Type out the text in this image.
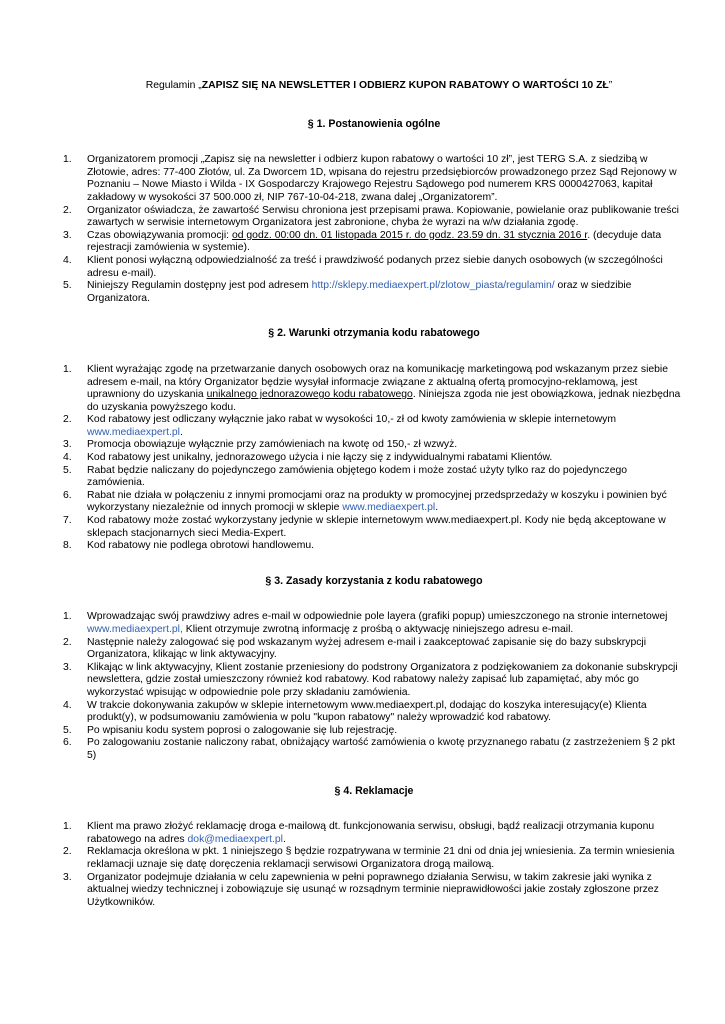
Regulamin „ZAPISZ SIĘ NA NEWSLETTER I ODBIERZ KUPON RABATOWY O WARTOŚCI 10 ZŁ”
§ 1. Postanowienia ogólne
1. Organizatorem promocji „Zapisz się na newsletter i odbierz kupon rabatowy o wartości 10 zł”, jest TERG S.A. z siedzibą w Złotowie, adres: 77-400 Złotów, ul. Za Dworcem 1D, wpisana do rejestru przedsiębiorców prowadzonego przez Sąd Rejonowy w Poznaniu – Nowe Miasto i Wilda - IX Gospodarczy Krajowego Rejestru Sądowego pod numerem KRS 0000427063, kapitał zakładowy w wysokości 37 500.000 zł, NIP 767-10-04-218, zwana dalej „Organizatorem”.
2. Organizator oświadcza, że zawartość Serwisu chroniona jest przepisami prawa. Kopiowanie, powielanie oraz publikowanie treści zawartych w serwisie internetowym Organizatora jest zabronione, chyba że wyrazi na w/w działania zgodę.
3. Czas obowiązywania promocji: od godz. 00:00 dn. 01 listopada 2015 r. do godz. 23.59 dn. 31 stycznia 2016 r. (decydujе data rejestracji zamówienia w systemie).
4. Klient ponosi wyłączną odpowiedzialność za treść i prawdziwość podanych przez siebie danych osobowych (w szczególności adresu e-mail).
5. Niniejszy Regulamin dostępny jest pod adresem http://sklepy.mediaexpert.pl/zlotow_piasta/regulamin/ oraz w siedzibie Organizatora.
§ 2. Warunki otrzymania kodu rabatowego
1. Klient wyrażając zgodę na przetwarzanie danych osobowych oraz na komunikację marketingową pod wskazanym przez siebie adresem e-mail, na który Organizator będzie wysyłał informacje związane z aktualną ofertą promocyjno-reklamową, jest uprawniony do uzyskania unikalnego jednorazowego kodu rabatowego. Niniejsza zgoda nie jest obowiązkowa, jednak niezbędna do uzyskania powyższego kodu.
2. Kod rabatowy jest odliczany wyłącznie jako rabat w wysokości 10,- zł od kwoty zamówienia w sklepie internetowym www.mediaexpert.pl.
3. Promocja obowiązuje wyłącznie przy zamówieniach na kwotę od 150,- zł wzwyż.
4. Kod rabatowy jest unikalny, jednorazowego użycia i nie łączy się z indywidualnymi rabatami Klientów.
5. Rabat będzie naliczany do pojedynczego zamówienia objętego kodem i może zostać użyty tylko raz do pojedynczego zamówienia.
6. Rabat nie działa w połączeniu z innymi promocjami oraz na produkty w promocyjnej przedsprzedaży w koszyku i powinien być wykorzystany niezależnie od innych promocji w sklepie www.mediaexpert.pl.
7. Kod rabatowy może zostać wykorzystany jedynie w sklepie internetowym www.mediaexpert.pl. Kody nie będą akceptowane w sklepach stacjonarnych sieci Media-Expert.
8. Kod rabatowy nie podlega obrotowi handlowemu.
§ 3. Zasady korzystania z kodu rabatowego
1. Wprowadzając swój prawdziwy adres e-mail w odpowiednie pole layera (grafiki popup) umieszczonego na stronie internetowej www.mediaexpert.pl, Klient otrzymuje zwrotną informację z prośbą o aktywację niniejszego adresu e-mail.
2. Następnie należy zalogować się pod wskazanym wyżej adresem e-mail i zaakceptować zapisanie się do bazy subskrypcji Organizatora, klikając w link aktywacyjny.
3. Klikając w link aktywacyjny, Klient zostanie przeniesiony do podstrony Organizatora z podziękowaniem za dokonanie subskrypcji newslettera, gdzie został umieszczony również kod rabatowy. Kod rabatowy należy zapisać lub zapamiętać, aby móc go wykorzystać wpisując w odpowiednie pole przy składaniu zamówienia.
4. W trakcie dokonywania zakupów w sklepie internetowym www.mediaexpert.pl, dodając do koszyka interesujący(e) Klienta produkt(y), w podsumowaniu zamówienia w polu "kupon rabatowy" należy wprowadzić kod rabatowy.
5. Po wpisaniu kodu system poprosi o zalogowanie się lub rejestrację.
6. Po zalogowaniu zostanie naliczony rabat, obniżający wartość zamówienia o kwotę przyznanego rabatu (z zastrzeżeniem § 2 pkt 5)
§ 4. Reklamacje
1. Klient ma prawo złożyć reklamację droga e-mailową dt. funkcjonowania serwisu, obsługi, bądź realizacji otrzymania kuponu rabatowego na adres dok@mediaexpert.pl.
2. Reklamacja określona w pkt. 1 niniejszego § będzie rozpatrywana w terminie 21 dni od dnia jej wniesienia. Za termin wniesienia reklamacji uznaje się datę doręczenia reklamacji serwisowi Organizatora drogą mailową.
3. Organizator podejmuje działania w celu zapewnienia w pełni poprawnego działania Serwisu, w takim zakresie jaki wynika z aktualnej wiedzy technicznej i zobowiązuje się usunąć w rozsądnym terminie nieprawidłowości jakie zostały zgłoszone przez Użytkowników.
